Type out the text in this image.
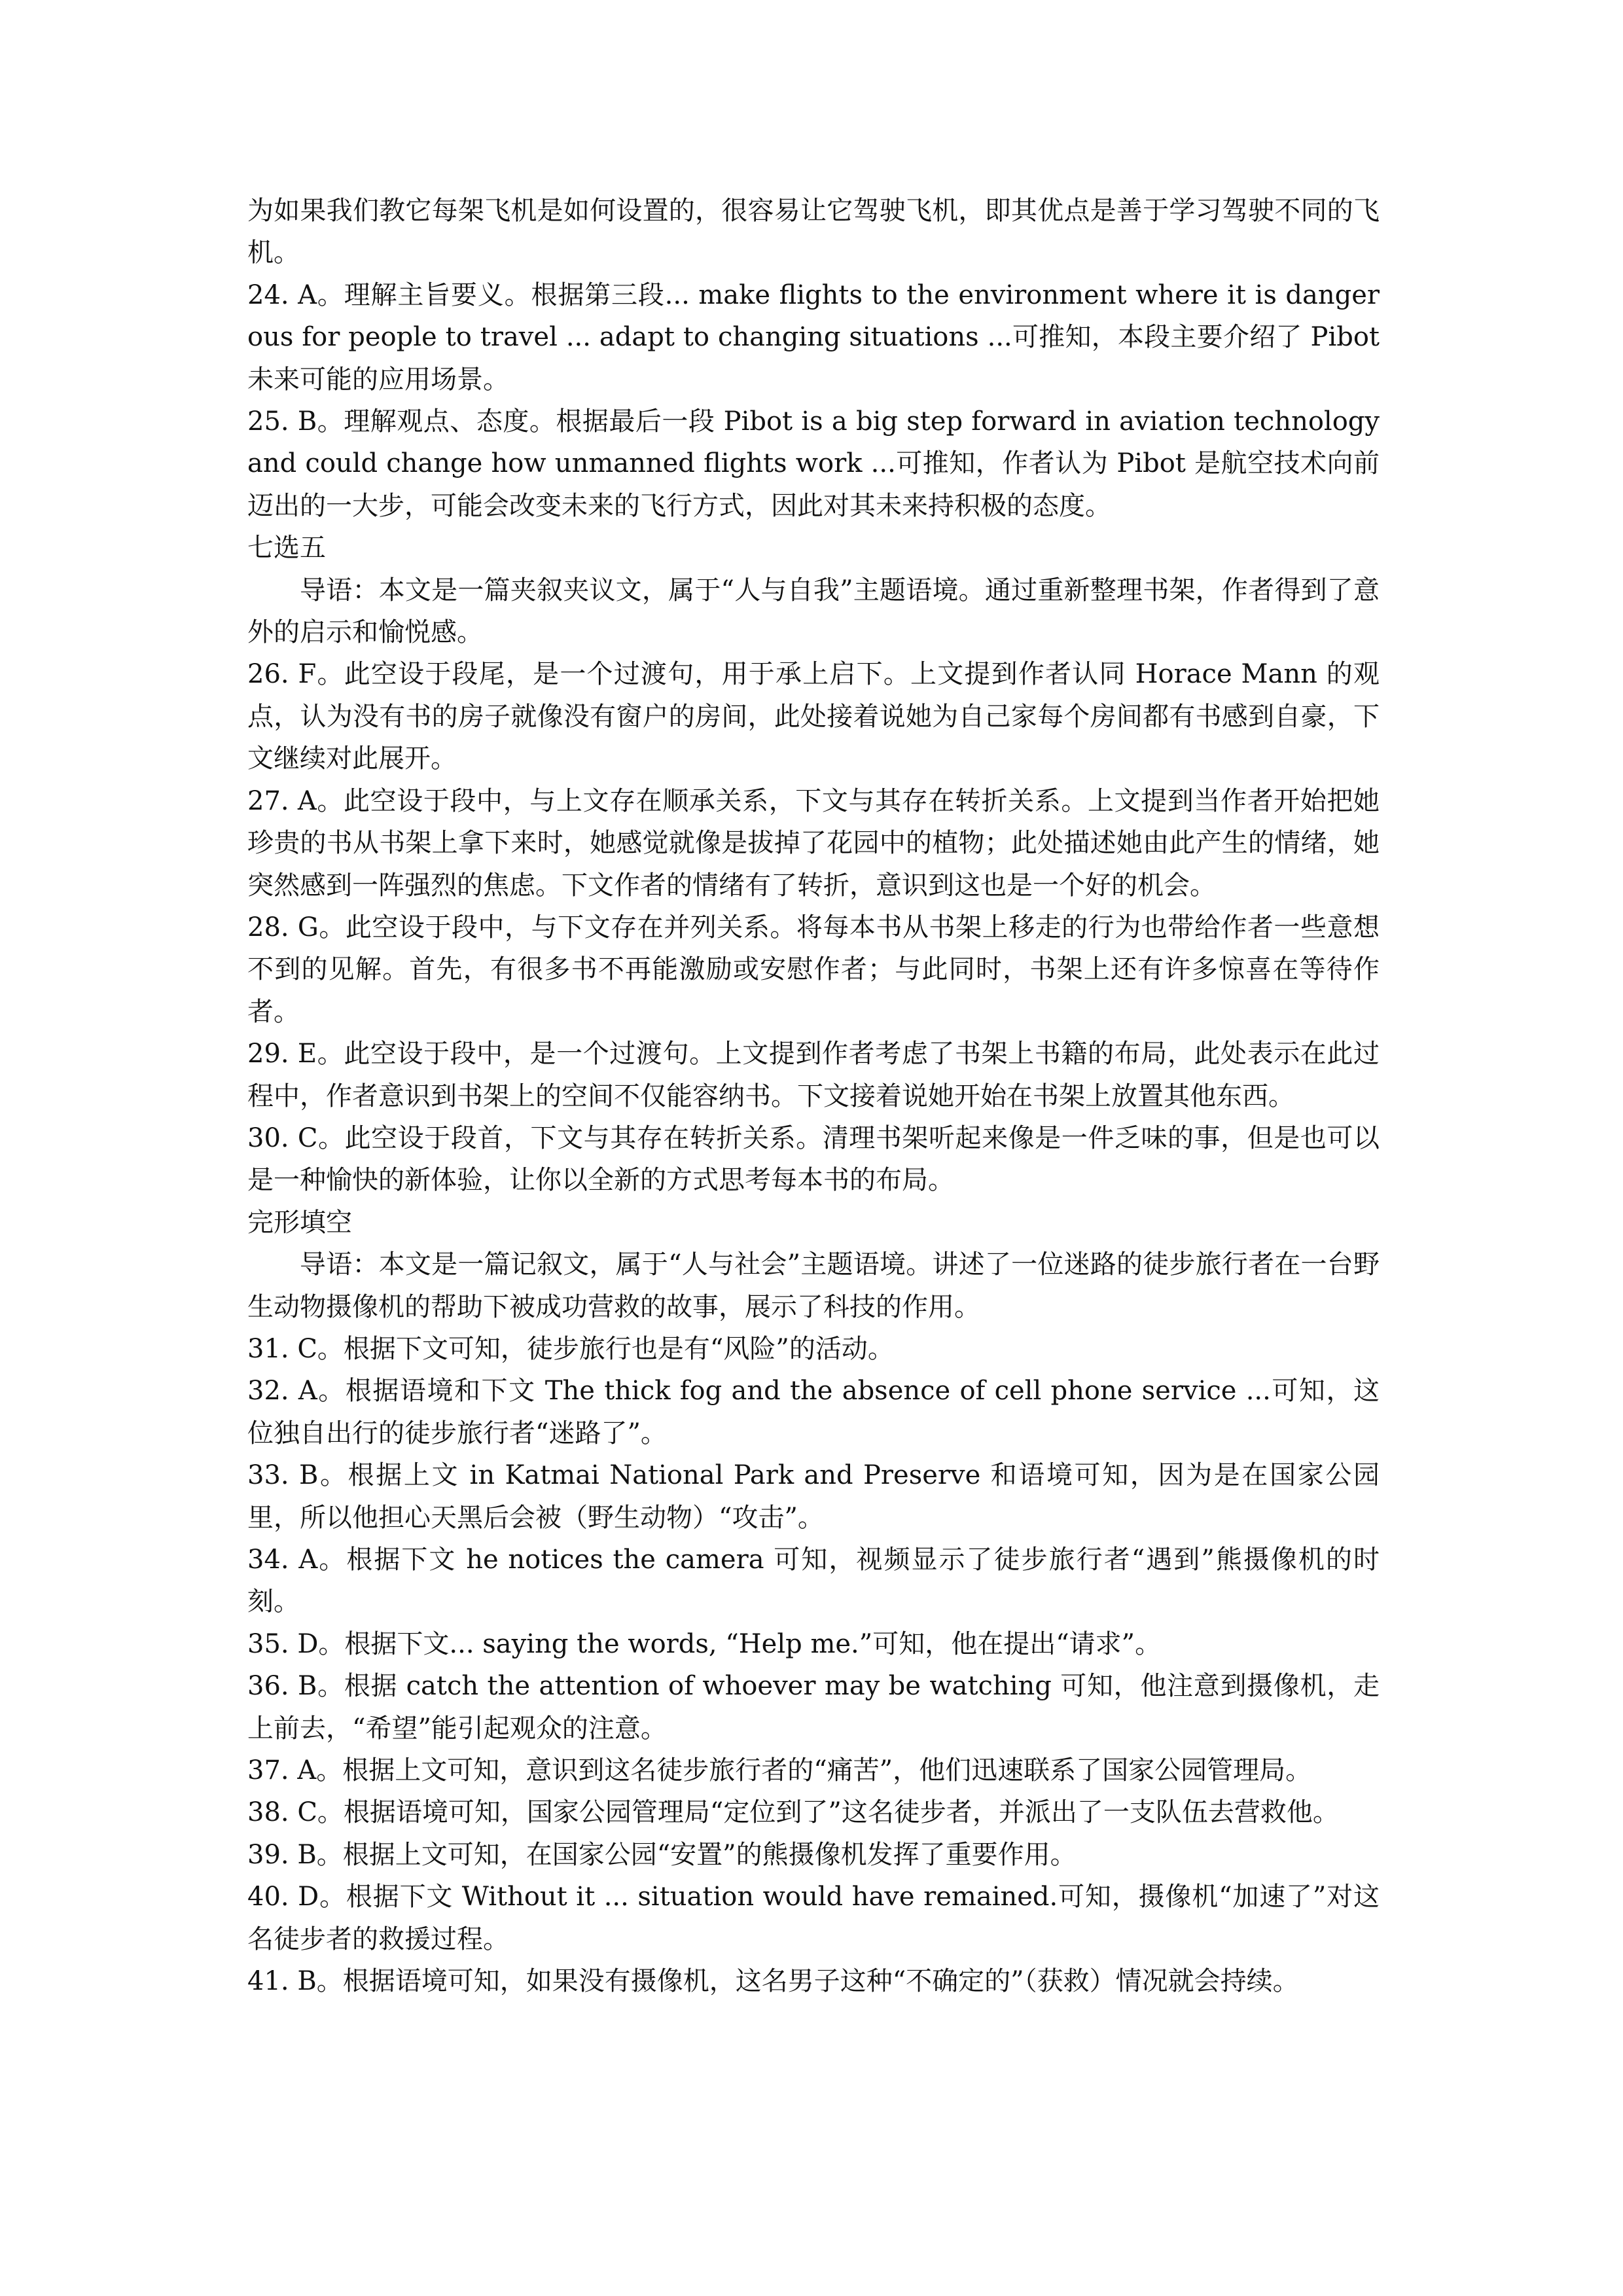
为如果我们教它每架飞机是如何设置的，很容易让它驾驶飞机，即其优点是善于学习驾驶不同的飞机。

24. A。理解主旨要义。根据第三段... make flights to the environment where it is dangerous for people to travel ... adapt to changing situations ...可推知，本段主要介绍了 Pibot 未来可能的应用场景。

25. B。理解观点、态度。根据最后一段 Pibot is a big step forward in aviation technology and could change how unmanned flights work ...可推知，作者认为 Pibot 是航空技术向前迈出的一大步，可能会改变未来的飞行方式，因此对其未来持积极的态度。

七选五

导语：本文是一篇夹叙夹议文，属于“人与自我”主题语境。通过重新整理书架，作者得到了意外的启示和愉悦感。

26. F。此空设于段尾，是一个过渡句，用于承上启下。上文提到作者认同 Horace Mann 的观点，认为没有书的房子就像没有窗户的房间，此处接着说她为自己家每个房间都有书感到自豪，下文继续对此展开。

27. A。此空设于段中，与上文存在顺承关系，下文与其存在转折关系。上文提到当作者开始把她珍贵的书从书架上拿下来时，她感觉就像是拔掉了花园中的植物；此处描述她由此产生的情绪，她突然感到一阵强烈的焦虑。下文作者的情绪有了转折，意识到这也是一个好的机会。

28. G。此空设于段中，与下文存在并列关系。将每本书从书架上移走的行为也带给作者一些意想不到的见解。首先，有很多书不再能激励或安慰作者；与此同时，书架上还有许多惊喜在等待作者。

29. E。此空设于段中，是一个过渡句。上文提到作者考虑了书架上书籍的布局，此处表示在此过程中，作者意识到书架上的空间不仅能容纳书。下文接着说她开始在书架上放置其他东西。

30. C。此空设于段首，下文与其存在转折关系。清理书架听起来像是一件乏味的事，但是也可以是一种愉快的新体验，让你以全新的方式思考每本书的布局。

完形填空

导语：本文是一篇记叙文，属于“人与社会”主题语境。讲述了一位迷路的徒步旅行者在一台野生动物摄像机的帮助下被成功营救的故事，展示了科技的作用。

31. C。根据下文可知，徒步旅行也是有“风险”的活动。

32. A。根据语境和下文 The thick fog and the absence of cell phone service ...可知，这位独自出行的徒步旅行者“迷路了”。

33. B。根据上文 in Katmai National Park and Preserve 和语境可知，因为是在国家公园里，所以他担心天黑后会被（野生动物）“攻击”。

34. A。根据下文 he notices the camera 可知，视频显示了徒步旅行者“遇到”熊摄像机的时刻。

35. D。根据下文... saying the words, “Help me.”可知，他在提出“请求”。

36. B。根据 catch the attention of whoever may be watching 可知，他注意到摄像机，走上前去，“希望”能引起观众的注意。

37. A。根据上文可知，意识到这名徒步旅行者的“痛苦”，他们迅速联系了国家公园管理局。

38. C。根据语境可知，国家公园管理局“定位到了”这名徒步者，并派出了一支队伍去营救他。

39. B。根据上文可知，在国家公园“安置”的熊摄像机发挥了重要作用。

40. D。根据下文 Without it ... situation would have remained.可知，摄像机“加速了”对这名徒步者的救援过程。

41. B。根据语境可知，如果没有摄像机，这名男子这种“不确定的”（获救）情况就会持续。
